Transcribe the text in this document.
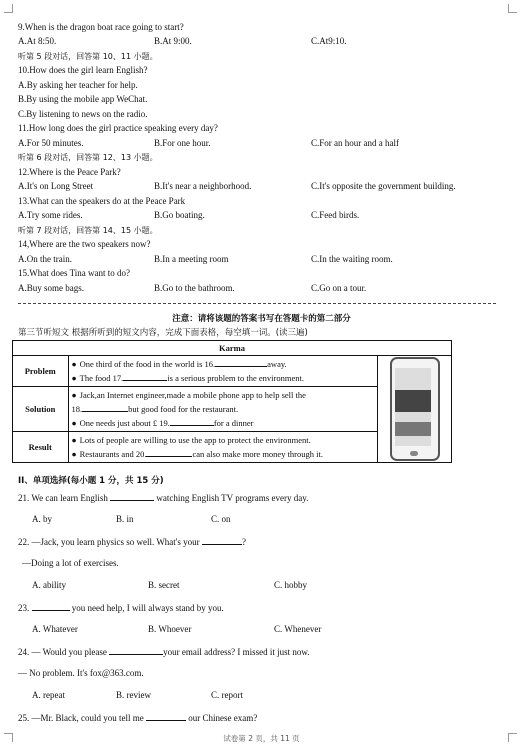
9.When is the dragon boat race going to start?
A.At 8:50.	B.At 9:00.	C.At9:10.
听第 5 段对话，回答第 10、11 小题。
10.How does the girl learn English?
A.By asking her teacher for help.
B.By using the mobile app WeChat.
C.By listening to news on the radio.
11.How long does the girl practice speaking every day?
A.For 50 minutes.	B.For one hour.	C.For an hour and a half
听第 6 段对话，回答第 12、13 小题。
12.Where is the Peace Park?
A.It's on Long Street	B.It's near a neighborhood.	C.It's opposite the government building.
13.What can the speakers do at the Peace Park
A.Try some rides.	B.Go boating.	C.Feed birds.
听第 7 段对话，回答第 14、15 小题。
14,Where are the two speakers now?
A.On the train.	B.In a meeting room	C.In the waiting room.
15.What does Tina want to do?
A.Buy some bags.	B.Go to the bathroom.	C.Go on a tour.
注意：请将该题的答案书写在答题卡的第二部分
第三节听短文 根据所听到的短文内容，完成下面表格，每空填一词。(读三遍)
Karma		
Problem	● One third of the food in the world is 16. away.
● The food 17. is a serious problem to the environment.

Solution	● Jack,an Internet engineer,made a mobile phone app to help sell the
18. but good food for the restaurant.
● One needs just about £ 19. for a dinner

Result	● Lots of people are willing to use the app to protect the environment.
● Restaurants and 20. can also make more money through it.
II、单项选择(每小题 1 分，共 15 分)
21. We can learn English	watching English TV programs every day.
A. by	B. in	C. on
22. —Jack, you learn physics so well. What's your	?
—Doing a lot of exercises.
A. ability	B. secret	C. hobby
23.	you need help, I will always stand by you.
A. Whatever	B. Whoever	C. Whenever
24. — Would you please	your email address? I missed it just now.
— No problem. It's fox@363.com.
A. repeat	B. review	C. report
25. —Mr. Black, could you tell me	our Chinese exam?
试卷第 2 页，共 11 页
